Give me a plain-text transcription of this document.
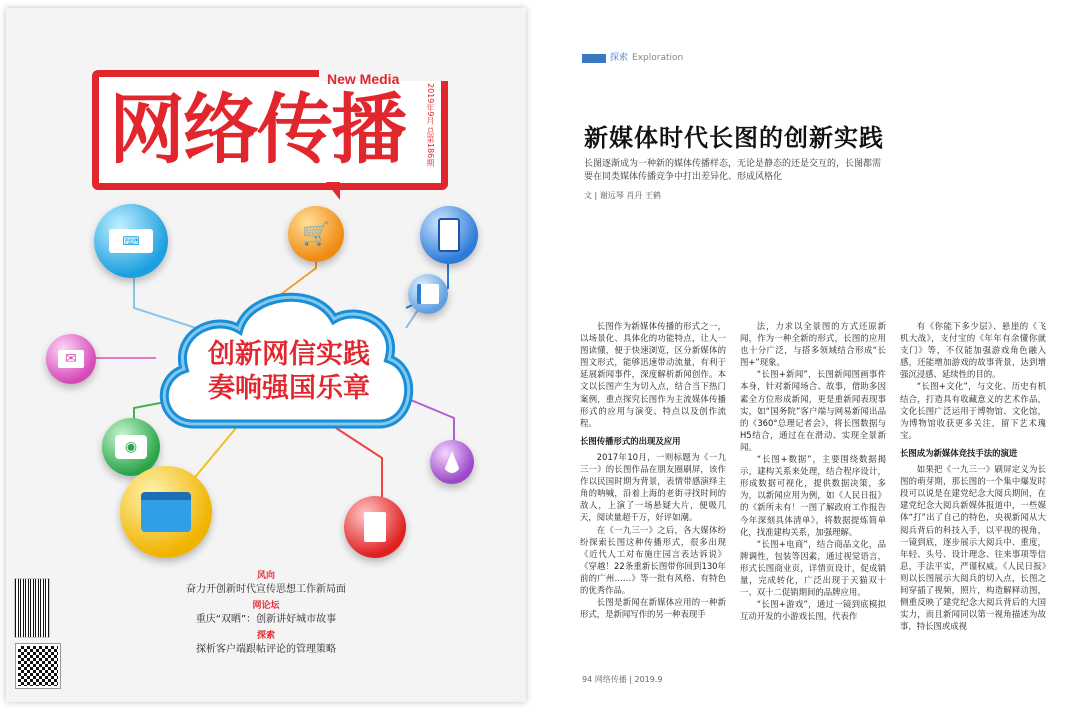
New Media
网络传播	2019年9月 总第186期
⌨	🛒
✉
◉
创新网信实践
奏响强国乐章
风向
奋力开创新时代宣传思想工作新局面
网论坛
重庆“双晒”：创新讲好城市故事
探索
探析客户端跟帖评论的管理策略
探索 Exploration
新媒体时代长图的创新实践
长图逐渐成为一种新的媒体传播样态，无论是静态的还是交互的，长图都需要在同类媒体传播竞争中打出差异化、形成风格化
文 | 谢远琴 肖丹 王鹤

长图作为新媒体传播的形式之一，以场景化、具体化的功能特点，让人一图读懂，便于快速浏览，区分新媒体的图文形式，能够迅速带动流量，有利于延展新闻事件，深度解析新闻创作。本文以长图产生为切入点，结合当下热门案例，重点探究长图作为主流媒体传播形式的应用与演变、特点以及创作流程。

长图传播形式的出现及应用

2017年10月，一则标题为《一九三一》的长图作品在朋友圈刷屏，该作作以民国时期为背景，表情带感演绎主角的呐喊，沿着上海的老街寻找时间的敌人，上演了一场悬疑大片，便吸几天，阅读量超千万，好评如潮。

在《一九三一》之后，各大媒体纷纷探索长图这种传播形式，很多出现《近代人工对布施庄园言表达诉说》《穿越！22条重新长图带你回到130年前的广州……》等一批有风格、有特色的优秀作品。

长图是新闻在新媒体应用的一种新形式，是新闻写作的另一种表现手

法，力求以全景图的方式还原新闻，作为一种全新的形式，长图的应用也十分广泛，与搭多领域结合形成“长图+”现象。

“长图+新闻”，长图新闻图画事件本身，针对新闻场合、故事，借助多因素全方位形成新闻，更是重新闻表现事实，如“国务院”客户端与网易新闻出品的《360°总理记者会》，将长图数据与H5结合，通过在在滑动、实现全景新闻。

“长图+数据”，主要围绕数据揭示，建构关系来处理，结合程序设计，形成数据可视化，提供数据决策，多为，以新闻应用为例，如《人民日报》的《新所未有！一图了解政府工作报告今年深刻具体清单》，将数据提炼简单化，找准建构关系，加强理解。

“长图+电商”，结合商品文化，品牌调性，包装等因素，通过视觉语言，形式长图商业页，详情页设计，促成销量，完成转化，广泛出现于天猫双十一、双十二促销期间的品牌应用。

“长图+游戏”，通过一镜到底模拟互动开发的小游戏长图，代表作

有《你能下多少层》、悬崖的《飞机大战》，支付宝的《年年有余懂你就支门》等，不仅能加强游戏角色融入感，还能增加游戏的故事背景，达到增强沉浸感、延续性的目的。

“长图+文化”，与文化、历史有机结合，打造具有收藏意义的艺术作品，文化长图广泛运用于博物馆、文化馆，为博物馆收获更多关注，留下艺术瑰宝。

长图成为新媒体竞技手法的演进

如果把《一九三一》刷屏定义为长图的萌芽期，那长图的一个集中爆发时段可以说是在建党纪念大阅兵期间，在建党纪念大阅兵新媒体报道中，一些媒体“打”出了自己的特色，央视新闻从大阅兵背后的科技入手，以平视的视角，一镜到底，逐步展示大阅兵中、重度，年轻、头号、设计理念、往来事项等信息，手法平实，严谨权威。《人民日报》则以长图展示大阅兵的切入点，长图之间穿插了视频，照片，构造解释动图，侧重反映了建党纪念大阅兵背后的大国实力，而且新闻同以第一视角描述为故事，特长图或成视

94 网络传播 | 2019.9
